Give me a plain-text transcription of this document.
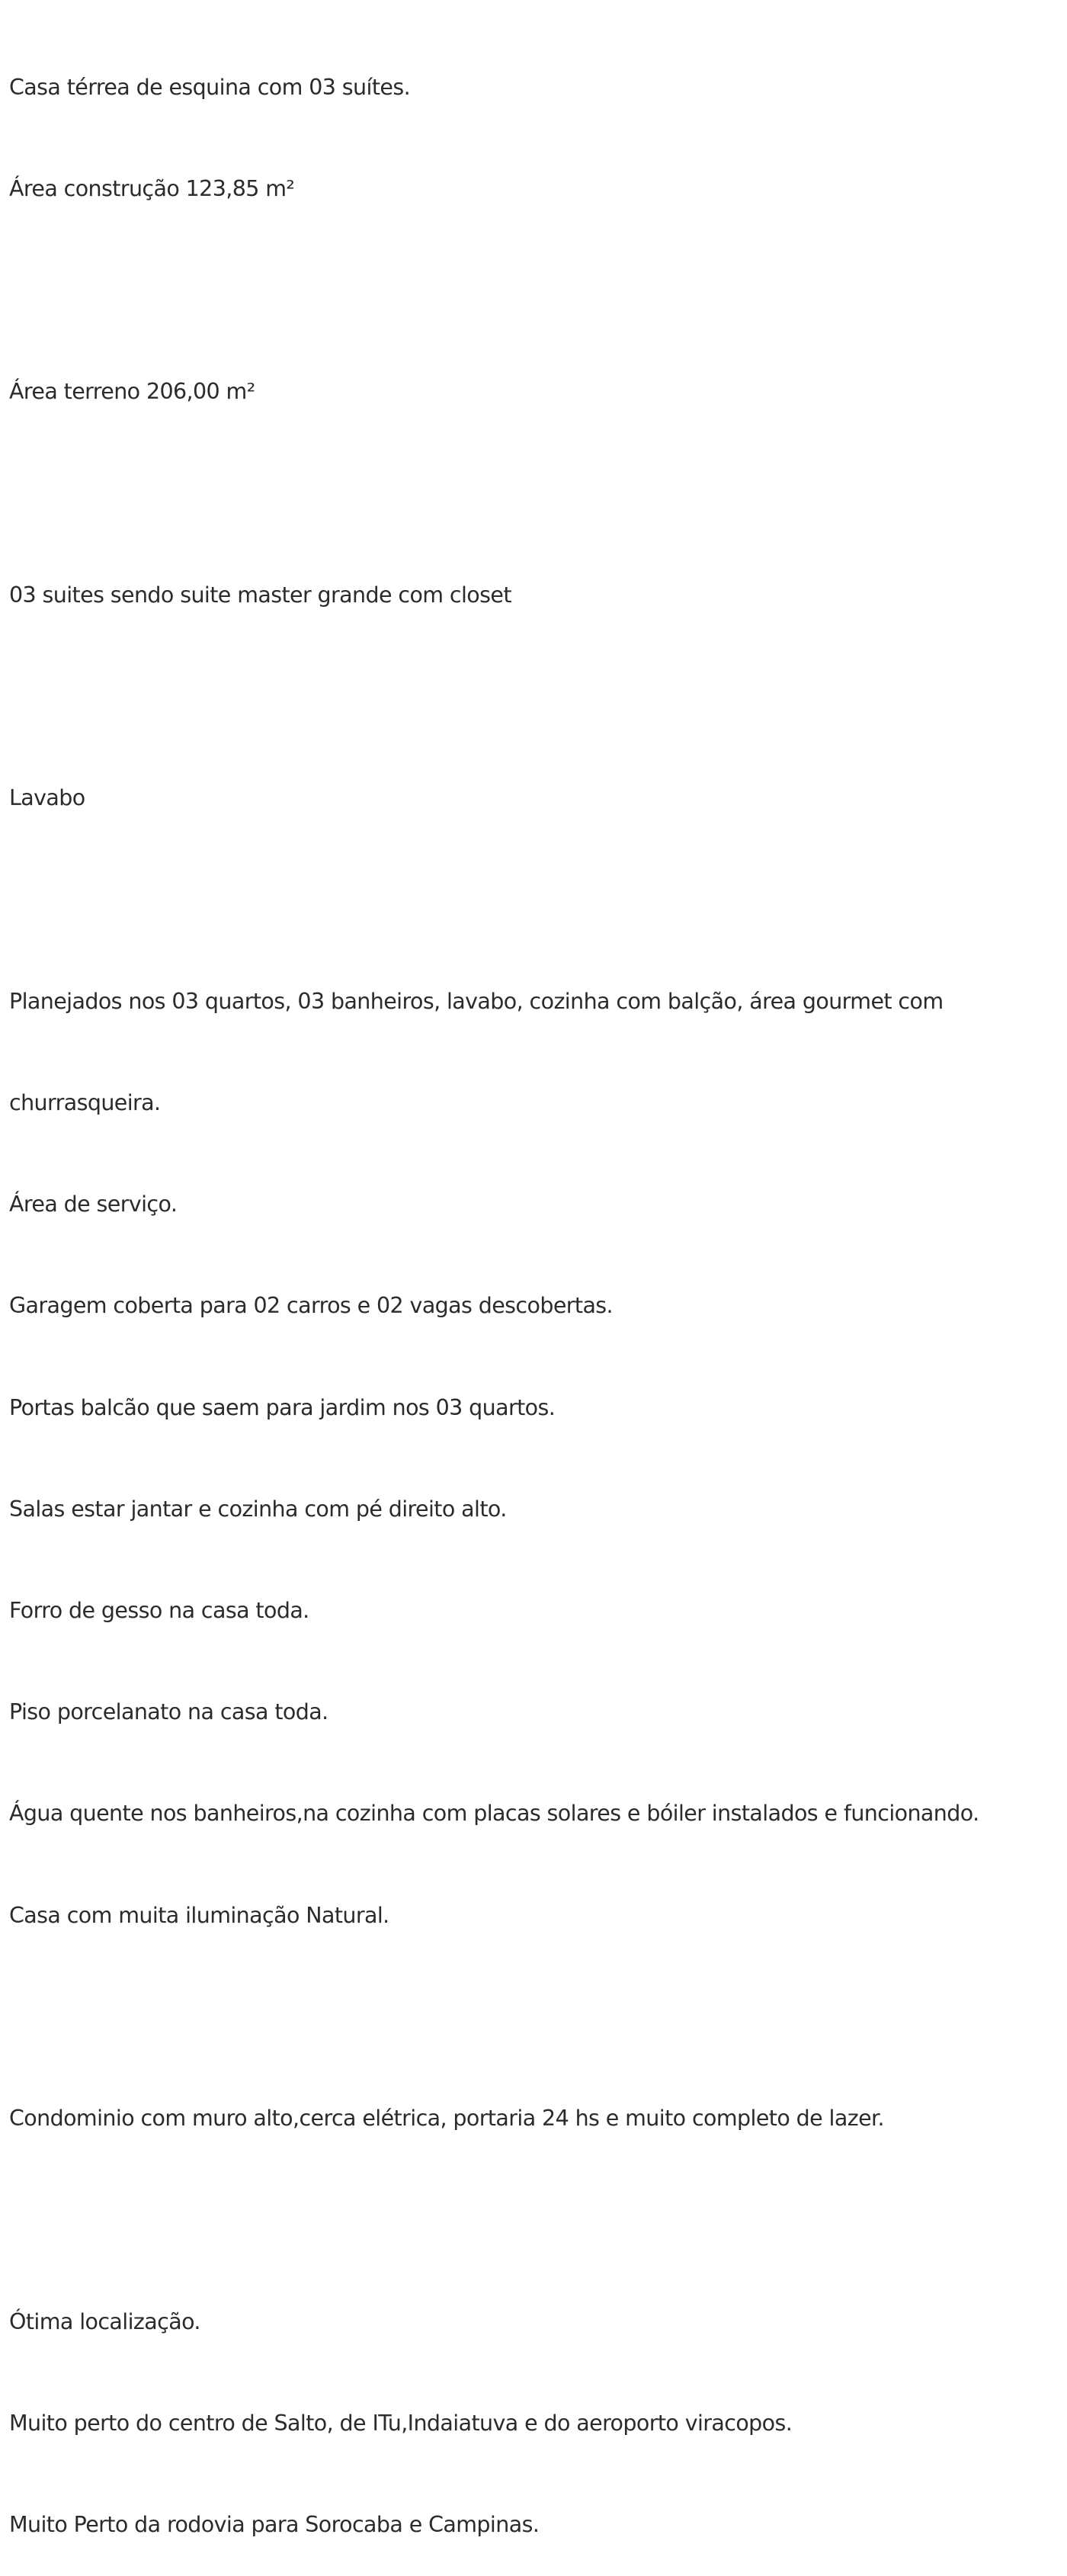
Casa térrea de esquina com 03 suítes.

Área construção 123,85 m²

Área terreno 206,00 m²

03 suites sendo suite master grande com closet

Lavabo

Planejados nos 03 quartos, 03 banheiros, lavabo, cozinha com balção, área gourmet com

churrasqueira.

Área de serviço.

Garagem coberta para 02 carros e 02 vagas descobertas.

Portas balcão que saem para jardim nos 03 quartos.

Salas estar jantar e cozinha com pé direito alto.

Forro de gesso na casa toda.

Piso porcelanato na casa toda.

Água quente nos banheiros,na cozinha com placas solares e bóiler instalados e funcionando.

Casa com muita iluminação Natural.

Condominio com muro alto,cerca elétrica, portaria 24 hs e muito completo de lazer.

Ótima localização.

Muito perto do centro de Salto, de ITu,Indaiatuva e do aeroporto viracopos.

Muito Perto da rodovia para Sorocaba e Campinas.
